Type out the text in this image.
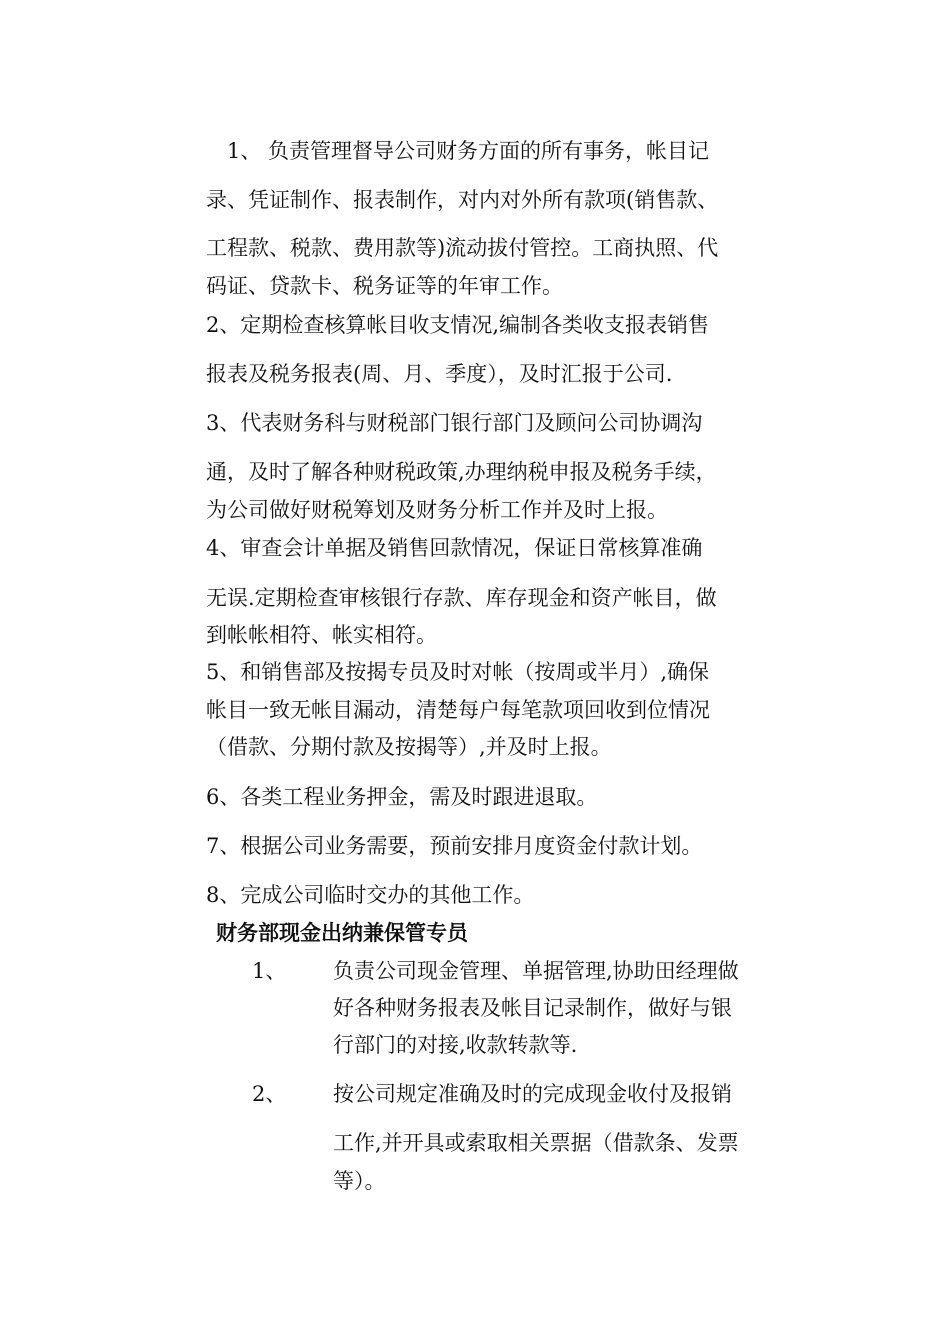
　1、 负责管理督导公司财务方面的所有事务，帐目记
录、凭证制作、报表制作，对内对外所有款项(销售款、
工程款、税款、费用款等)流动拔付管控。工商执照、代
码证、贷款卡、税务证等的年审工作。
2、定期检查核算帐目收支情况,编制各类收支报表销售
报表及税务报表(周、月、季度），及时汇报于公司.
3、代表财务科与财税部门银行部门及顾问公司协调沟
通，及时了解各种财税政策,办理纳税申报及税务手续，
为公司做好财税筹划及财务分析工作并及时上报。
4、审查会计单据及销售回款情况，保证日常核算准确
无误.定期检查审核银行存款、库存现金和资产帐目，做
到帐帐相符、帐实相符。
5、和销售部及按揭专员及时对帐（按周或半月）,确保
帐目一致无帐目漏动，清楚每户每笔款项回收到位情况
（借款、分期付款及按揭等）,并及时上报。
6、各类工程业务押金，需及时跟进退取。
7、根据公司业务需要，预前安排月度资金付款计划。
8、完成公司临时交办的其他工作。
财务部现金出纳兼保管专员
1、 负责公司现金管理、单据管理,协助田经理做
好各种财务报表及帐目记录制作，做好与银
行部门的对接,收款转款等.
2、 按公司规定准确及时的完成现金收付及报销
工作,并开具或索取相关票据（借款条、发票
等）。
